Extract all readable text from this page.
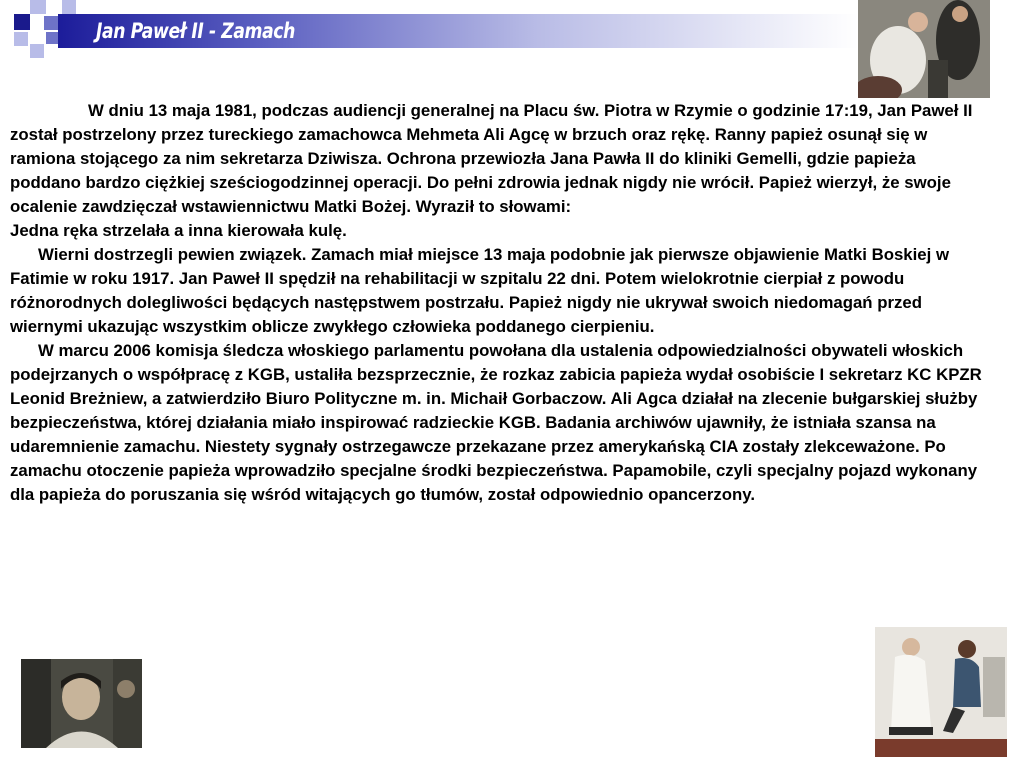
Jan Paweł II - Zamach

W dniu 13 maja 1981, podczas audiencji generalnej na Placu św. Piotra w Rzymie o godzinie 17:19, Jan Paweł II został postrzelony przez tureckiego zamachowca Mehmeta Ali Agcę w brzuch oraz rękę. Ranny papież osunął się w ramiona stojącego za nim sekretarza Dziwisza. Ochrona przewiozła Jana Pawła II do kliniki Gemelli, gdzie papieża poddano bardzo ciężkiej sześciogodzinnej operacji. Do pełni zdrowia jednak nigdy nie wrócił. Papież wierzył, że swoje ocalenie zawdzięczał wstawiennictwu Matki Bożej. Wyraził to słowami:

Jedna ręka strzelała a inna kierowała kulę.

Wierni dostrzegli pewien związek. Zamach miał miejsce 13 maja podobnie jak pierwsze objawienie Matki Boskiej w Fatimie w roku 1917. Jan Paweł II spędził na rehabilitacji w szpitalu 22 dni. Potem wielokrotnie cierpiał z powodu różnorodnych dolegliwości będących następstwem postrzału. Papież nigdy nie ukrywał swoich niedomagań przed wiernymi ukazując wszystkim oblicze zwykłego człowieka poddanego cierpieniu.

W marcu 2006 komisja śledcza włoskiego parlamentu powołana dla ustalenia odpowiedzialności obywateli włoskich podejrzanych o współpracę z KGB, ustaliła bezsprzecznie, że rozkaz zabicia papieża wydał osobiście I sekretarz KC KPZR Leonid Breżniew, a zatwierdziło Biuro Polityczne m. in. Michaił Gorbaczow. Ali Agca działał na zlecenie bułgarskiej służby bezpieczeństwa, której działania miało inspirować radzieckie KGB. Badania archiwów ujawniły, że istniała szansa na udaremnienie zamachu. Niestety sygnały ostrzegawcze przekazane przez amerykańską CIA zostały zlekceważone. Po zamachu otoczenie papieża wprowadziło specjalne środki bezpieczeństwa. Papamobile, czyli specjalny pojazd wykonany dla papieża do poruszania się wśród witających go tłumów, został odpowiednio opancerzony.
